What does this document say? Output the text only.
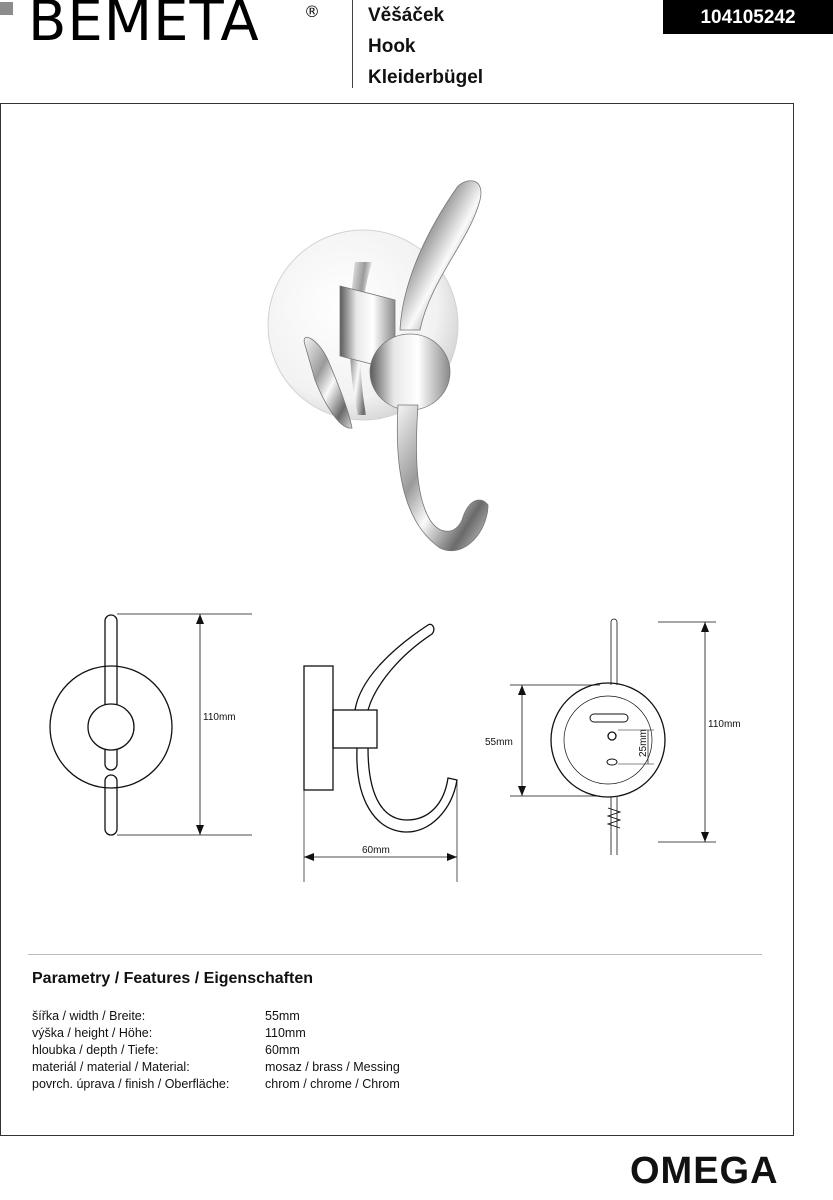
BEMETA	®	Věšáček
Hook
Kleiderbügel
104105242
110mm
60mm
55mm
110mm
25mm
Parametry / Features / Eigenschaften
šířka / width / Breite:	55mm
výška / height / Höhe:	110mm
hloubka / depth / Tiefe:	60mm
materiál / material / Material:	mosaz / brass / Messing
povrch. úprava / finish / Oberfläche:	chrom / chrome / Chrom
OMEGA
